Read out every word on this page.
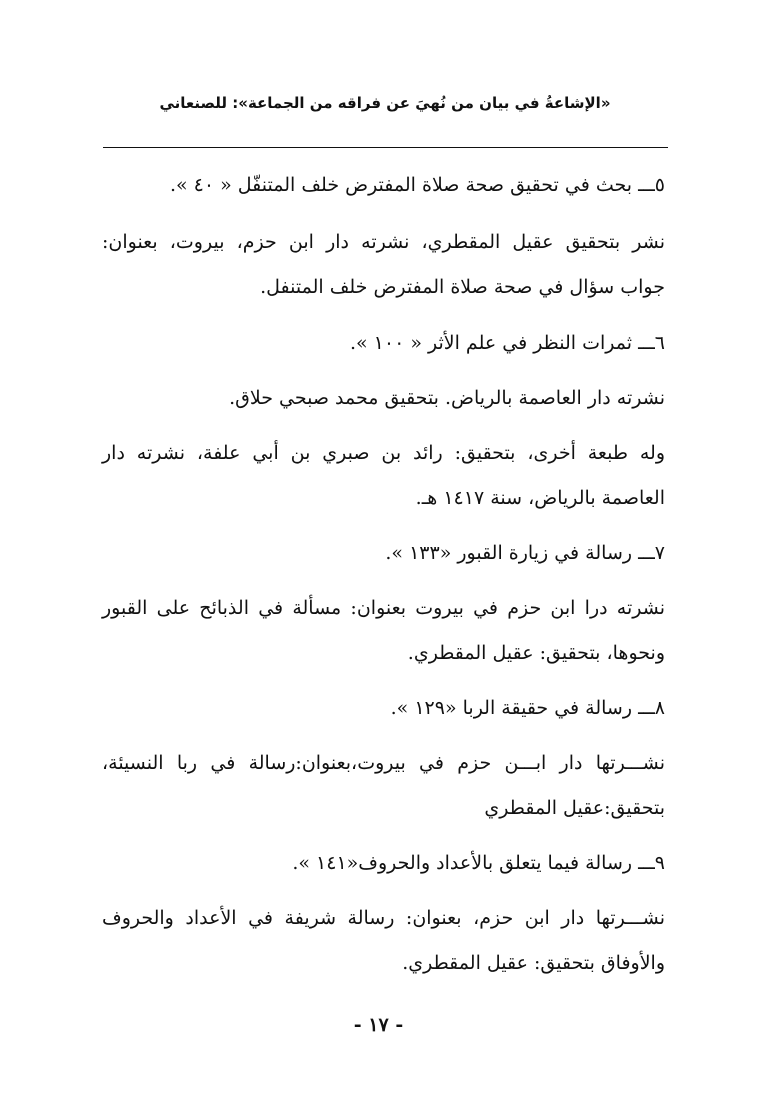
«الإشاعةُ في بيان من نُهيَ عن فراقه من الجماعة»: للصنعاني
٥ـــ بحث في تحقيق صحة صلاة المفترض خلف المتنفّل « ٤٠ ».
نشر بتحقيق عقيل المقطري، نشرته دار ابن حزم، بيروت، بعنوان:
جواب سؤال في صحة صلاة المفترض خلف المتنفل.
٦ـــ ثمرات النظر في علم الأثر « ١٠٠ ».
نشرته دار العاصمة بالرياض. بتحقيق محمد صبحي حلاق.
وله طبعة أخرى، بتحقيق: رائد بن صبري بن أبي علفة، نشرته دار
العاصمة بالرياض، سنة ١٤١٧ هـ.
٧ـــ رسالة في زيارة القبور «١٣٣ ».
نشرته درا ابن حزم في بيروت بعنوان: مسألة في الذبائح على القبور
ونحوها، بتحقيق: عقيل المقطري.
٨ـــ رسالة في حقيقة الربا «١٢٩ ».
نشـــرتها دار ابـــن حزم في بيروت،بعنوان:رسالة في ربا النسيئة،
بتحقيق:عقيل المقطري
٩ـــ رسالة فيما يتعلق بالأعداد والحروف«١٤١ ».
نشـــرتها دار ابن حزم، بعنوان: رسالة شريفة في الأعداد والحروف
والأوفاق بتحقيق: عقيل المقطري.
- ١٧ -
